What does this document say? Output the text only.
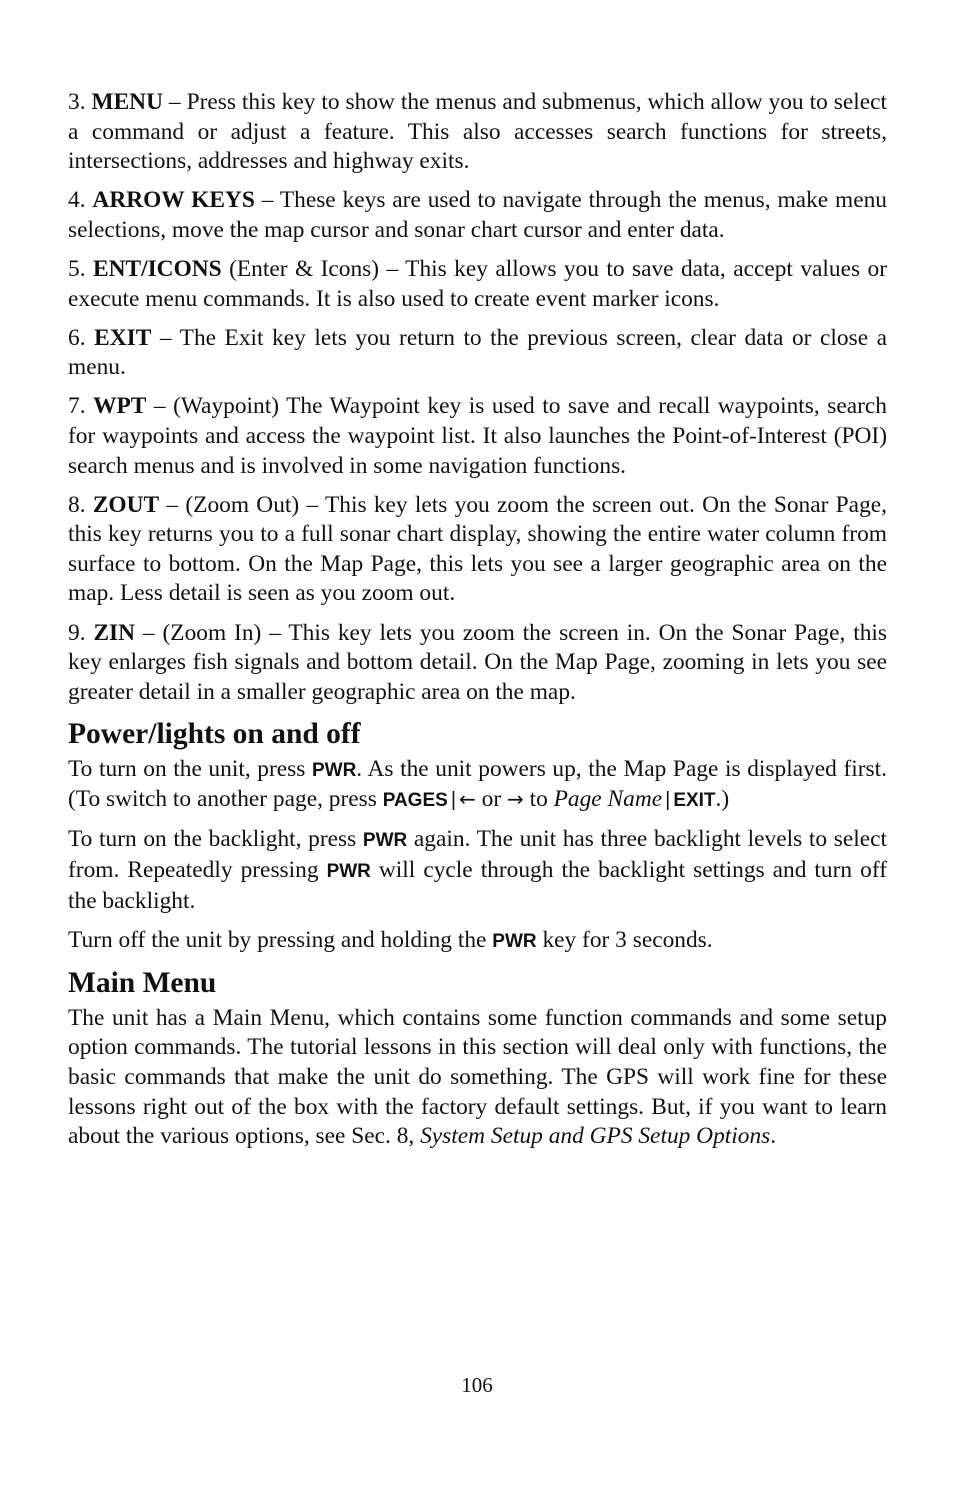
3. MENU – Press this key to show the menus and submenus, which allow you to select a command or adjust a feature. This also accesses search functions for streets, intersections, addresses and highway exits.

4. ARROW KEYS – These keys are used to navigate through the menus, make menu selections, move the map cursor and sonar chart cursor and enter data.

5. ENT/ICONS (Enter & Icons) – This key allows you to save data, accept values or execute menu commands. It is also used to create event marker icons.

6. EXIT – The Exit key lets you return to the previous screen, clear data or close a menu.

7. WPT – (Waypoint) The Waypoint key is used to save and recall waypoints, search for waypoints and access the waypoint list. It also launches the Point-of-Interest (POI) search menus and is involved in some navigation functions.

8. ZOUT – (Zoom Out) – This key lets you zoom the screen out. On the Sonar Page, this key returns you to a full sonar chart display, showing the entire water column from surface to bottom. On the Map Page, this lets you see a larger geographic area on the map. Less detail is seen as you zoom out.

9. ZIN – (Zoom In) – This key lets you zoom the screen in. On the Sonar Page, this key enlarges fish signals and bottom detail. On the Map Page, zooming in lets you see greater detail in a smaller geographic area on the map.

Power/lights on and off

To turn on the unit, press PWR. As the unit powers up, the Map Page is displayed first. (To switch to another page, press PAGES | ← or → to Page Name | EXIT.)

To turn on the backlight, press PWR again. The unit has three backlight levels to select from. Repeatedly pressing PWR will cycle through the backlight settings and turn off the backlight.

Turn off the unit by pressing and holding the PWR key for 3 seconds.

Main Menu

The unit has a Main Menu, which contains some function commands and some setup option commands. The tutorial lessons in this section will deal only with functions, the basic commands that make the unit do something. The GPS will work fine for these lessons right out of the box with the factory default settings. But, if you want to learn about the various options, see Sec. 8, System Setup and GPS Setup Options.

106
